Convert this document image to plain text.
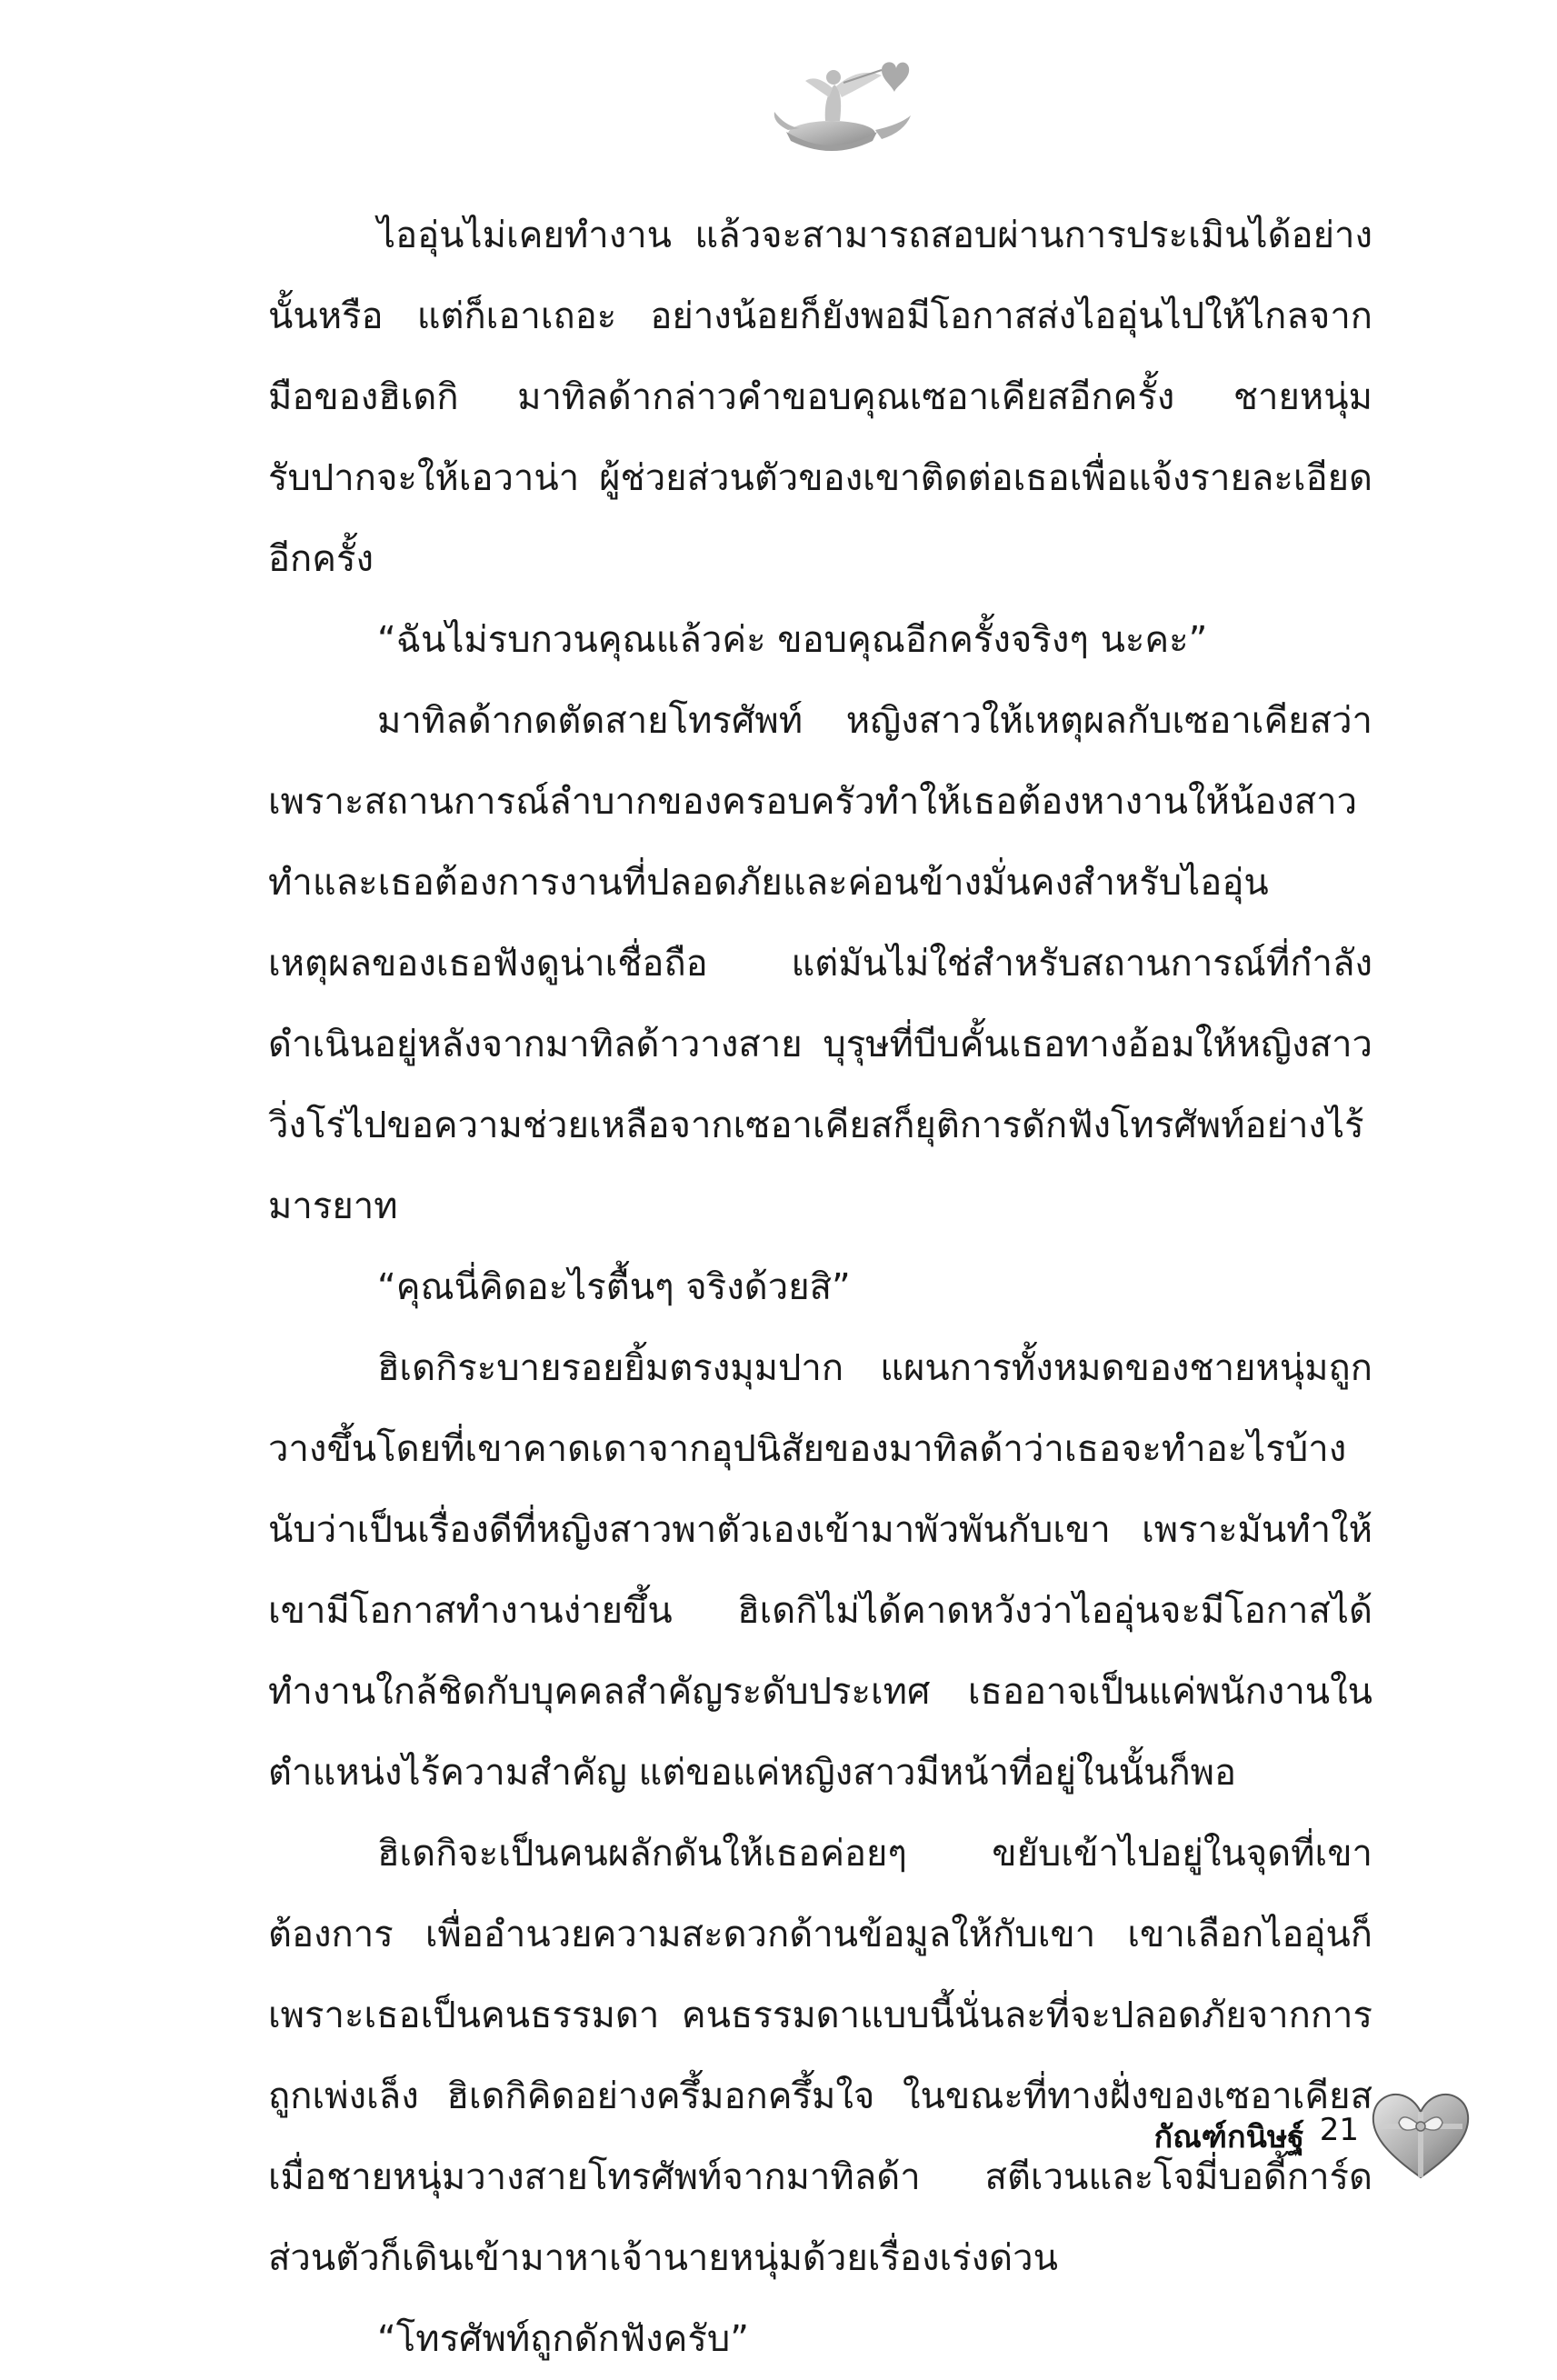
ไออุ่นไม่เคยทำงาน แล้วจะสามารถสอบผ่านการประเมินได้อย่างนั้นหรือ แต่ก็เอาเถอะ อย่างน้อยก็ยังพอมีโอกาสส่งไออุ่นไปให้ไกลจากมือของฮิเดกิ มาทิลด้ากล่าวคำขอบคุณเซอาเคียสอีกครั้ง ชายหนุ่มรับปากจะให้เอวาน่า ผู้ช่วยส่วนตัวของเขาติดต่อเธอเพื่อแจ้งรายละเอียดอีกครั้ง

“ฉันไม่รบกวนคุณแล้วค่ะ ขอบคุณอีกครั้งจริงๆ นะคะ”

มาทิลด้ากดตัดสายโทรศัพท์ หญิงสาวให้เหตุผลกับเซอาเคียสว่าเพราะสถานการณ์ลำบากของครอบครัวทำให้เธอต้องหางานให้น้องสาวทำและเธอต้องการงานที่ปลอดภัยและค่อนข้างมั่นคงสำหรับไออุ่น เหตุผลของเธอฟังดูน่าเชื่อถือ แต่มันไม่ใช่สำหรับสถานการณ์ที่กำลังดำเนินอยู่หลังจากมาทิลด้าวางสาย บุรุษที่บีบคั้นเธอทางอ้อมให้หญิงสาววิ่งโร่ไปขอความช่วยเหลือจากเซอาเคียสก็ยุติการดักฟังโทรศัพท์อย่างไร้มารยาท

“คุณนี่คิดอะไรตื้นๆ จริงด้วยสิ”

ฮิเดกิระบายรอยยิ้มตรงมุมปาก แผนการทั้งหมดของชายหนุ่มถูกวางขึ้นโดยที่เขาคาดเดาจากอุปนิสัยของมาทิลด้าว่าเธอจะทำอะไรบ้างนับว่าเป็นเรื่องดีที่หญิงสาวพาตัวเองเข้ามาพัวพันกับเขา เพราะมันทำให้เขามีโอกาสทำงานง่ายขึ้น ฮิเดกิไม่ได้คาดหวังว่าไออุ่นจะมีโอกาสได้ทำงานใกล้ชิดกับบุคคลสำคัญระดับประเทศ เธออาจเป็นแค่พนักงานในตำแหน่งไร้ความสำคัญ แต่ขอแค่หญิงสาวมีหน้าที่อยู่ในนั้นก็พอ

ฮิเดกิจะเป็นคนผลักดันให้เธอค่อยๆ ขยับเข้าไปอยู่ในจุดที่เขาต้องการ เพื่ออำนวยความสะดวกด้านข้อมูลให้กับเขา เขาเลือกไออุ่นก็เพราะเธอเป็นคนธรรมดา คนธรรมดาแบบนี้นั่นละที่จะปลอดภัยจากการถูกเพ่งเล็ง ฮิเดกิคิดอย่างครึ้มอกครึ้มใจ ในขณะที่ทางฝั่งของเซอาเคียส เมื่อชายหนุ่มวางสายโทรศัพท์จากมาทิลด้า สตีเวนและโจมี่บอดี้การ์ดส่วนตัวก็เดินเข้ามาหาเจ้านายหนุ่มด้วยเรื่องเร่งด่วน

“โทรศัพท์ถูกดักฟังครับ”

กัณฑ์กนิษฐ์ 21
